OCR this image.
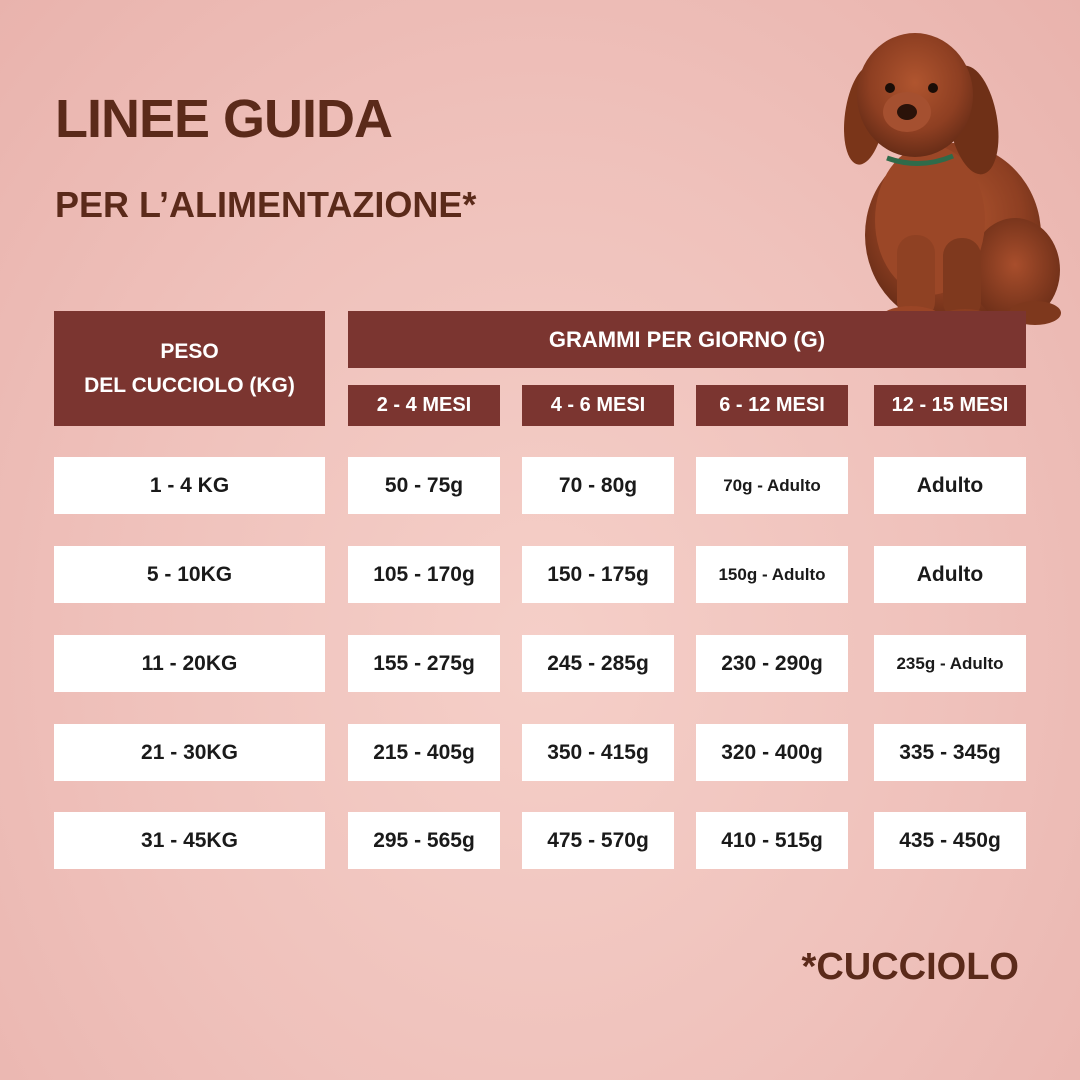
LINEE GUIDA
PER L’ALIMENTAZIONE*
PESO
DEL CUCCIOLO (KG)
GRAMMI PER GIORNO (G)
2 - 4 MESI	4 - 6 MESI	6 - 12 MESI	12 - 15 MESI
1 - 4 KG	50 - 75g	70 - 80g	70g - Adulto	Adulto
5 - 10KG	105 - 170g	150 - 175g	150g - Adulto	Adulto
11 - 20KG	155 - 275g	245 - 285g	230 - 290g	235g - Adulto
21 - 30KG	215 - 405g	350 - 415g	320 - 400g	335 - 345g
31 - 45KG	295 - 565g	475 - 570g	410 - 515g	435 - 450g
*CUCCIOLO
